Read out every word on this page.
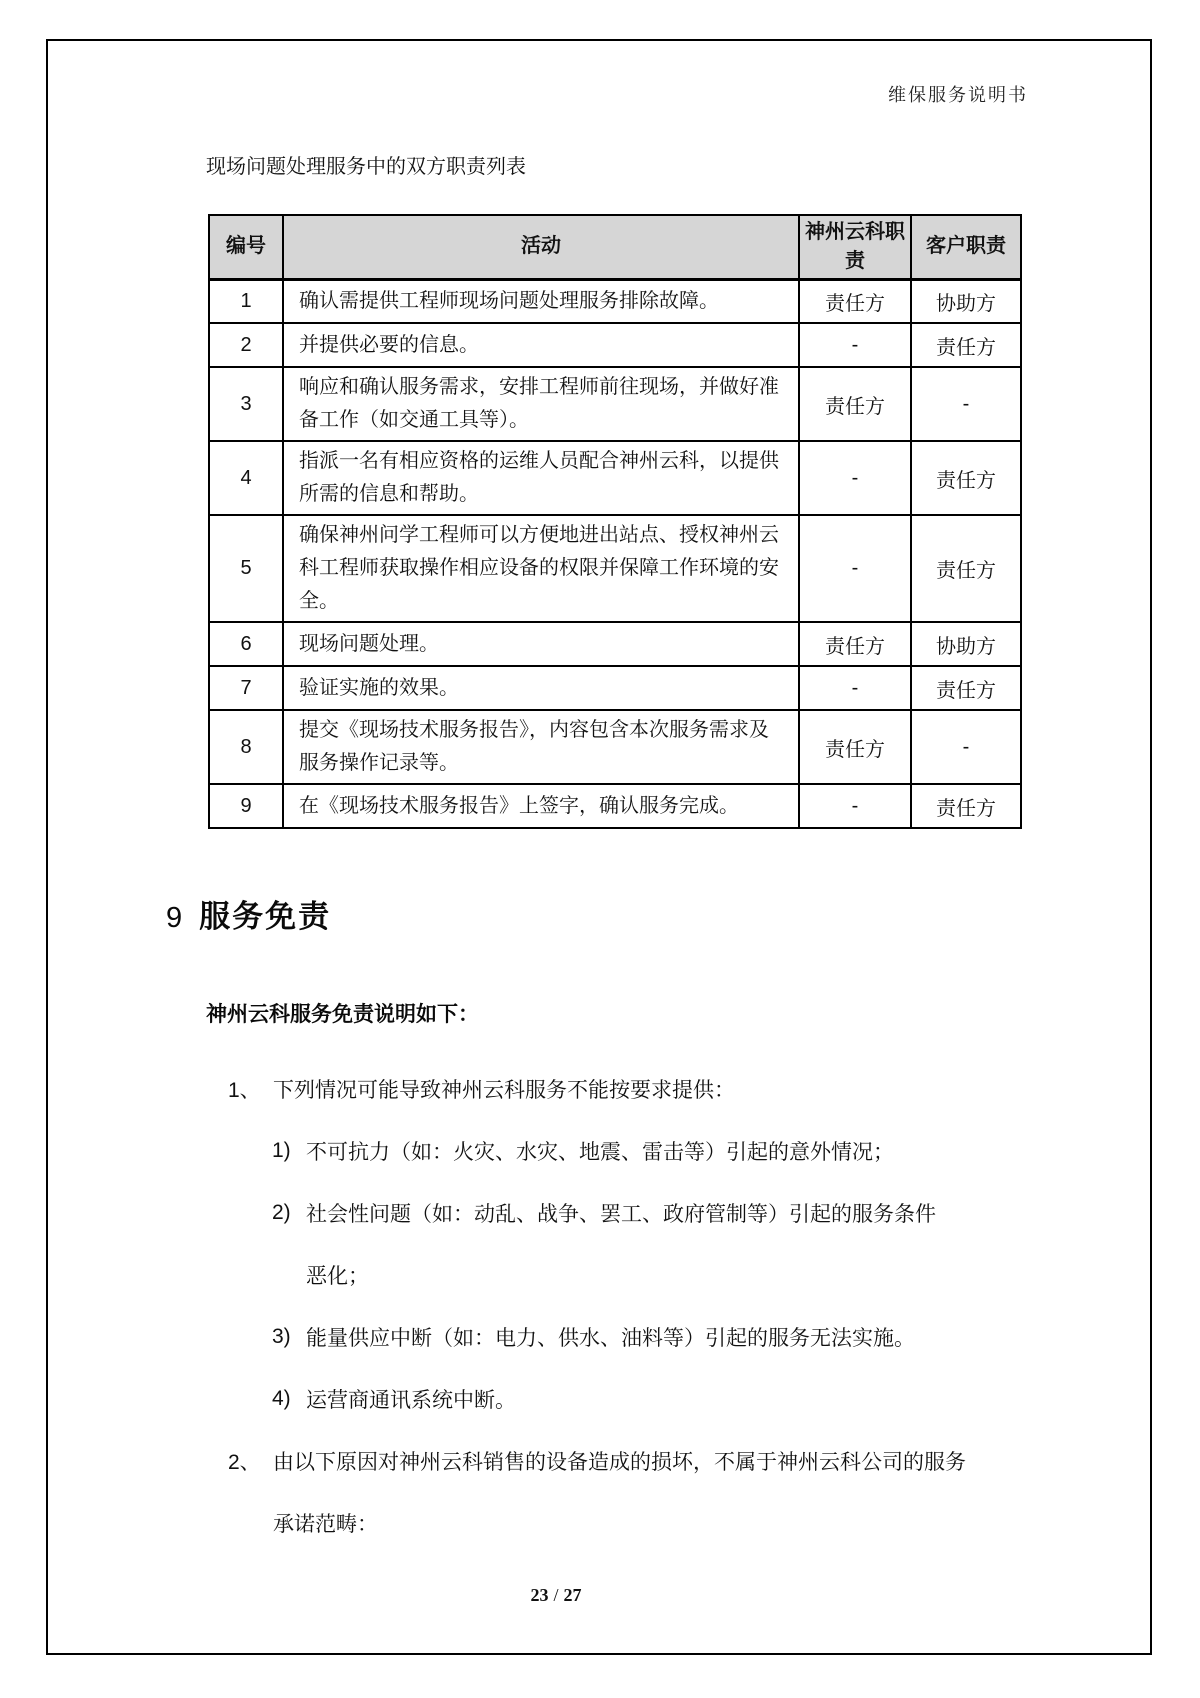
维保服务说明书
现场问题处理服务中的双方职责列表
编号	活动	神州云科职责	客户职责
1	确认需提供工程师现场问题处理服务排除故障。	责任方	协助方
2	并提供必要的信息。	-	责任方
3	响应和确认服务需求，安排工程师前往现场，并做好准备工作（如交通工具等）。	责任方	-
4	指派一名有相应资格的运维人员配合神州云科，以提供所需的信息和帮助。	-	责任方
5	确保神州问学工程师可以方便地进出站点、授权神州云科工程师获取操作相应设备的权限并保障工作环境的安全。	-	责任方
6	现场问题处理。	责任方	协助方
7	验证实施的效果。	-	责任方
8	提交《现场技术服务报告》，内容包含本次服务需求及服务操作记录等。	责任方	-
9	在《现场技术服务报告》上签字，确认服务完成。	-	责任方
9 服务免责
神州云科服务免责说明如下：
1、 下列情况可能导致神州云科服务不能按要求提供：
1) 不可抗力（如：火灾、水灾、地震、雷击等）引起的意外情况；
2) 社会性问题（如：动乱、战争、罢工、政府管制等）引起的服务条件
恶化；
3) 能量供应中断（如：电力、供水、油料等）引起的服务无法实施。
4) 运营商通讯系统中断。
2、 由以下原因对神州云科销售的设备造成的损坏，不属于神州云科公司的服务
承诺范畴：
23 / 27
